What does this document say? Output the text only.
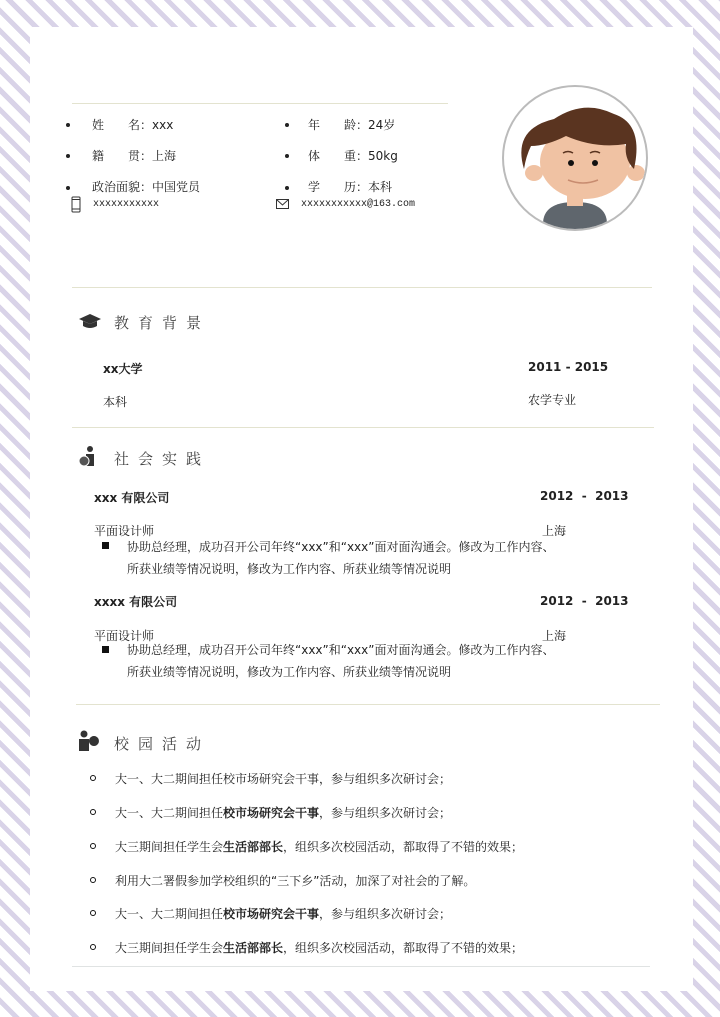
姓　　名：xxx	年　　龄：24岁
籍　　贯：上海	体　　重：50kg
政治面貌：中国党员	学　　历：本科
xxxxxxxxxxx	xxxxxxxxxxx@163.com
教育背景
xx大学	2011 - 2015
本科	农学专业
社会实践
xxx 有限公司	2012  -  2013
平面设计师	上海
协助总经理，成功召开公司年终“xxx”和“xxx”面对面沟通会。修改为工作内容、
所获业绩等情况说明，修改为工作内容、所获业绩等情况说明
xxxx 有限公司	2012  -  2013
平面设计师	上海
协助总经理，成功召开公司年终“xxx”和“xxx”面对面沟通会。修改为工作内容、
所获业绩等情况说明，修改为工作内容、所获业绩等情况说明
校园活动
大一、大二期间担任校市场研究会干事，参与组织多次研讨会；
大一、大二期间担任校市场研究会干事，参与组织多次研讨会；
大三期间担任学生会生活部部长，组织多次校园活动，都取得了不错的效果；
利用大二署假参加学校组织的“三下乡”活动，加深了对社会的了解。
大一、大二期间担任校市场研究会干事，参与组织多次研讨会；
大三期间担任学生会生活部部长，组织多次校园活动，都取得了不错的效果；
